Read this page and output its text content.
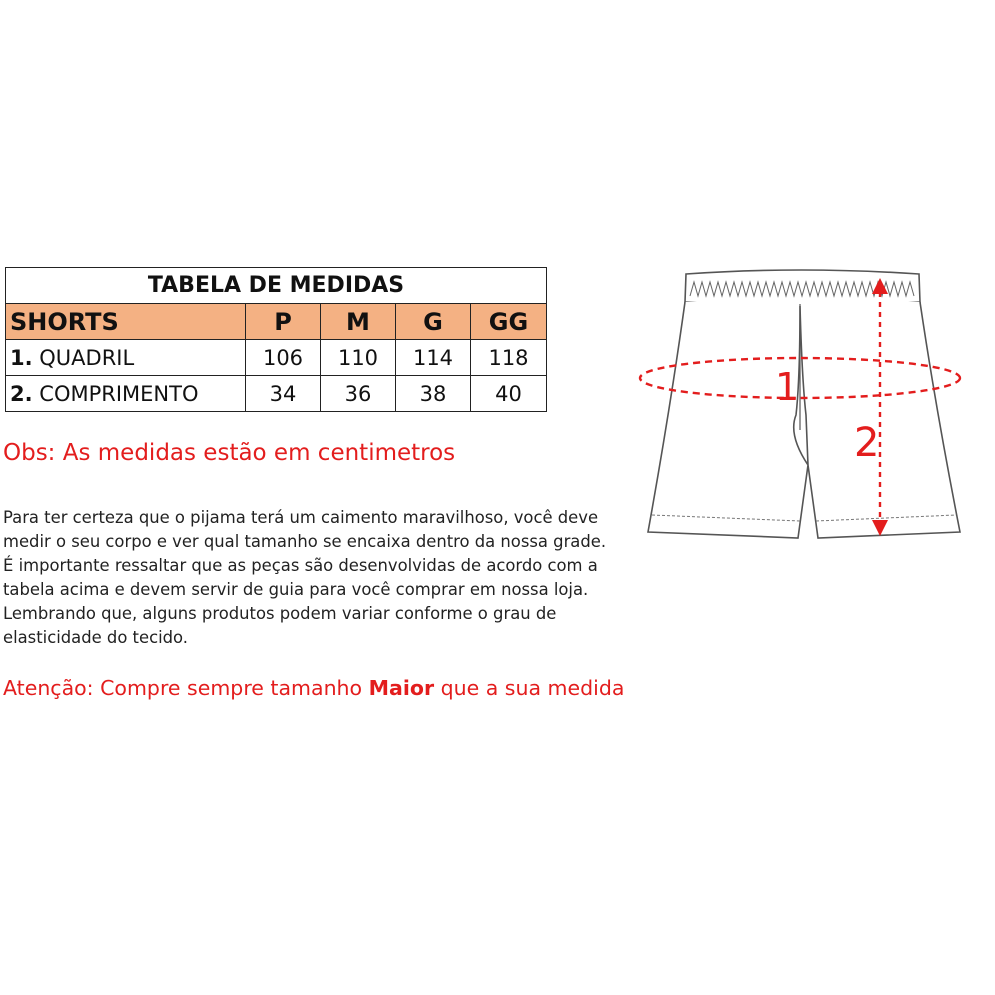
TABELA DE MEDIDAS				
SHORTS	P	M	G	GG
1. QUADRIL	106	110	114	118
2. COMPRIMENTO	34	36	38	40
Obs: As medidas estão em centimetros
Para ter certeza que o pijama terá um caimento maravilhoso, você deve
medir o seu corpo e ver qual tamanho se encaixa dentro da nossa grade.
É importante ressaltar que as peças são desenvolvidas de acordo com a
tabela acima e devem servir de guia para você comprar em nossa loja.
Lembrando que, alguns produtos podem variar conforme o grau de
elasticidade do tecido.
Atenção: Compre sempre tamanho Maior que a sua medida
1
2
